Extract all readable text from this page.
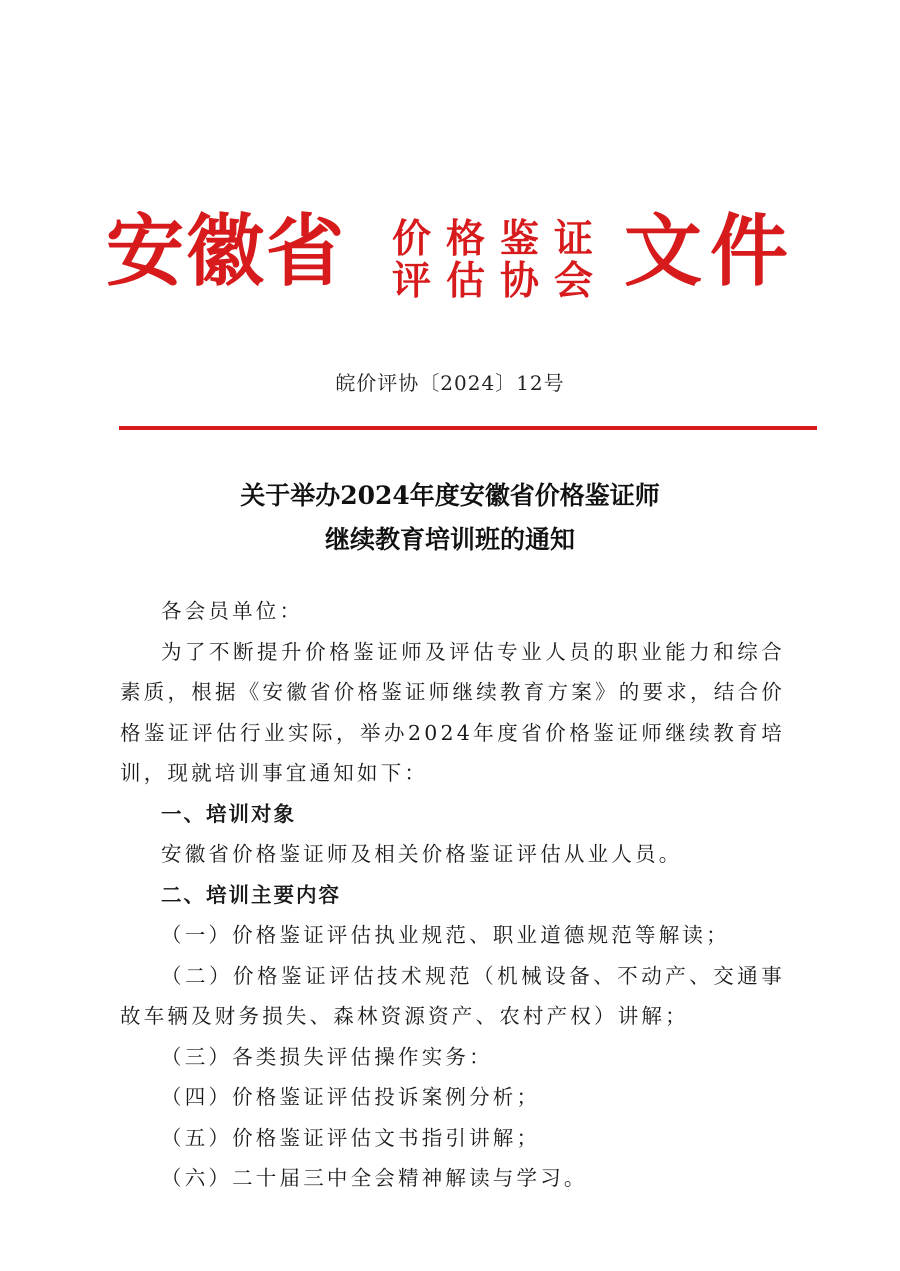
安徽省 价格鉴证
评估协会 文件
皖价评协〔2024〕12号
关于举办2024年度安徽省价格鉴证师
继续教育培训班的通知

各会员单位：

为了不断提升价格鉴证师及评估专业人员的职业能力和综合素质，根据《安徽省价格鉴证师继续教育方案》的要求，结合价格鉴证评估行业实际，举办2024年度省价格鉴证师继续教育培训，现就培训事宜通知如下：

一、培训对象

安徽省价格鉴证师及相关价格鉴证评估从业人员。

二、培训主要内容

（一）价格鉴证评估执业规范、职业道德规范等解读；

（二）价格鉴证评估技术规范（机械设备、不动产、交通事故车辆及财务损失、森林资源资产、农村产权）讲解；

（三）各类损失评估操作实务：

（四）价格鉴证评估投诉案例分析；

（五）价格鉴证评估文书指引讲解；

（六）二十届三中全会精神解读与学习。
